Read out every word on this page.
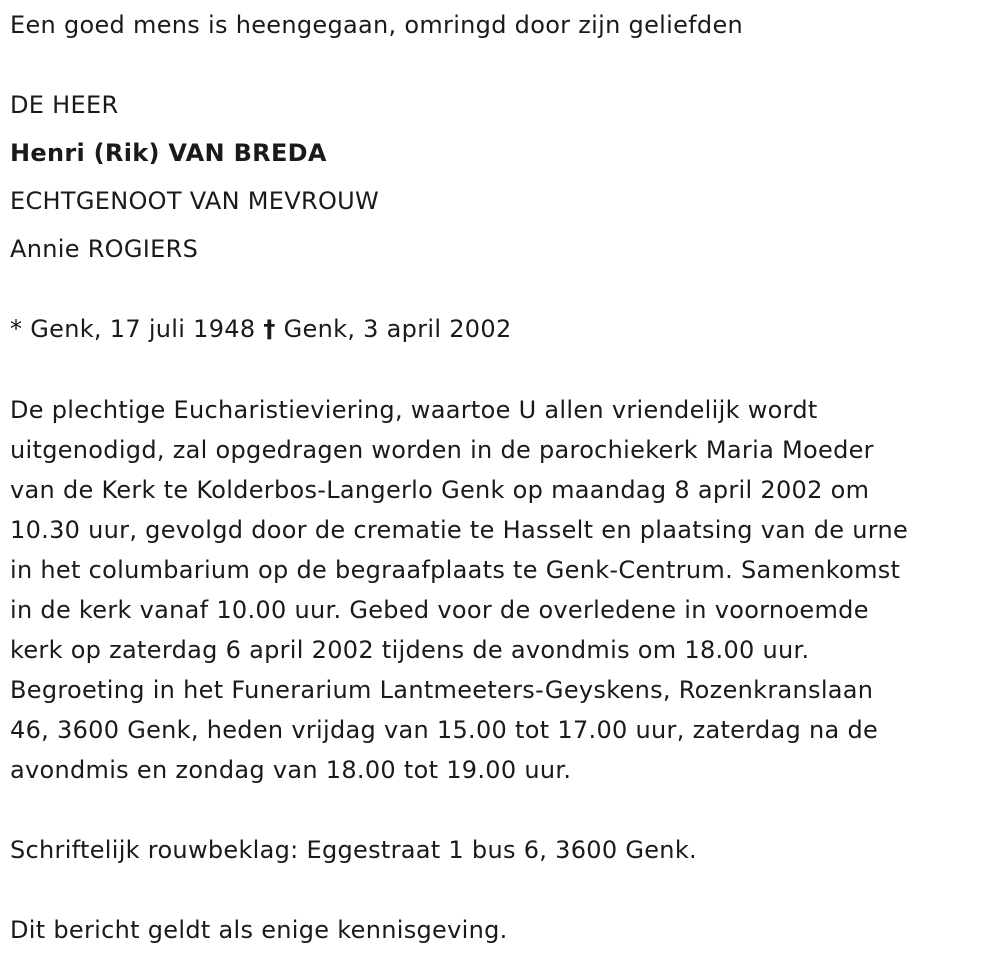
Een goed mens is heengegaan, omringd door zijn geliefden
DE HEER
Henri (Rik) VAN BREDA
ECHTGENOOT VAN MEVROUW
Annie ROGIERS
* Genk, 17 juli 1948 † Genk, 3 april 2002
De plechtige Eucharistieviering, waartoe U allen vriendelijk wordt
uitgenodigd, zal opgedragen worden in de parochiekerk Maria Moeder
van de Kerk te Kolderbos-Langerlo Genk op maandag 8 april 2002 om
10.30 uur, gevolgd door de crematie te Hasselt en plaatsing van de urne
in het columbarium op de begraafplaats te Genk-Centrum. Samenkomst
in de kerk vanaf 10.00 uur. Gebed voor de overledene in voornoemde
kerk op zaterdag 6 april 2002 tijdens de avondmis om 18.00 uur.
Begroeting in het Funerarium Lantmeeters-Geyskens, Rozenkranslaan
46, 3600 Genk, heden vrijdag van 15.00 tot 17.00 uur, zaterdag na de
avondmis en zondag van 18.00 tot 19.00 uur.
Schriftelijk rouwbeklag: Eggestraat 1 bus 6, 3600 Genk.
Dit bericht geldt als enige kennisgeving.
